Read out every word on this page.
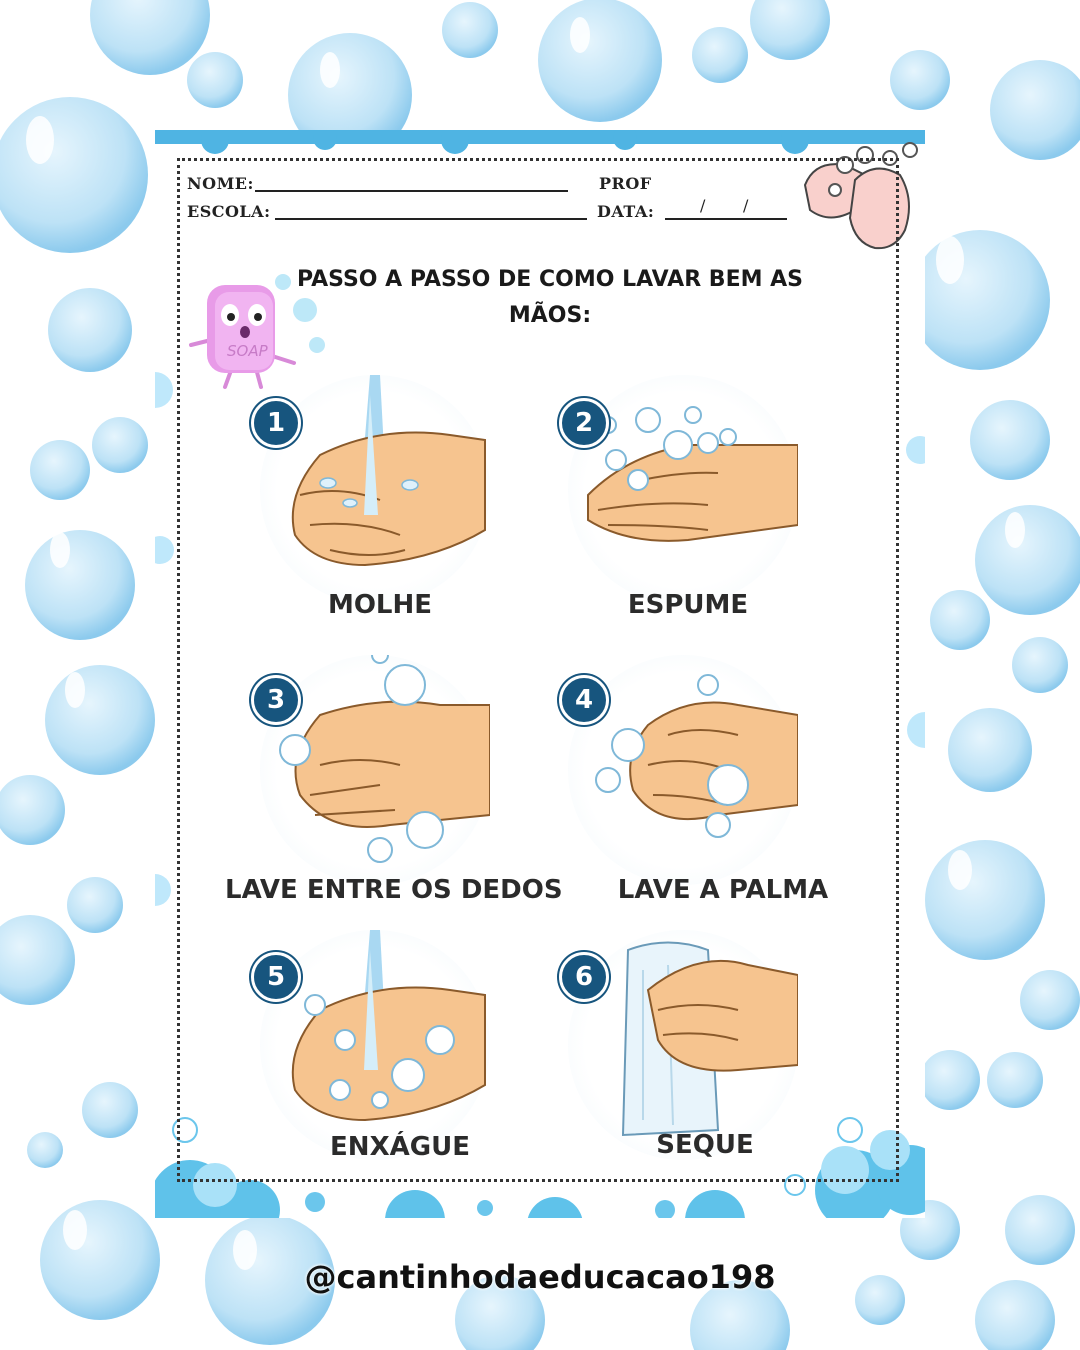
NOME:
ESCOLA:
PROF
DATA:	/ /
SOAP
PASSO A PASSO DE COMO LAVAR BEM AS MÃOS:
1
MOLHE
2
ESPUME
3
LAVE ENTRE OS DEDOS
4
LAVE A PALMA
5
ENXÁGUE
6
SEQUE
@cantinhodaeducacao198
